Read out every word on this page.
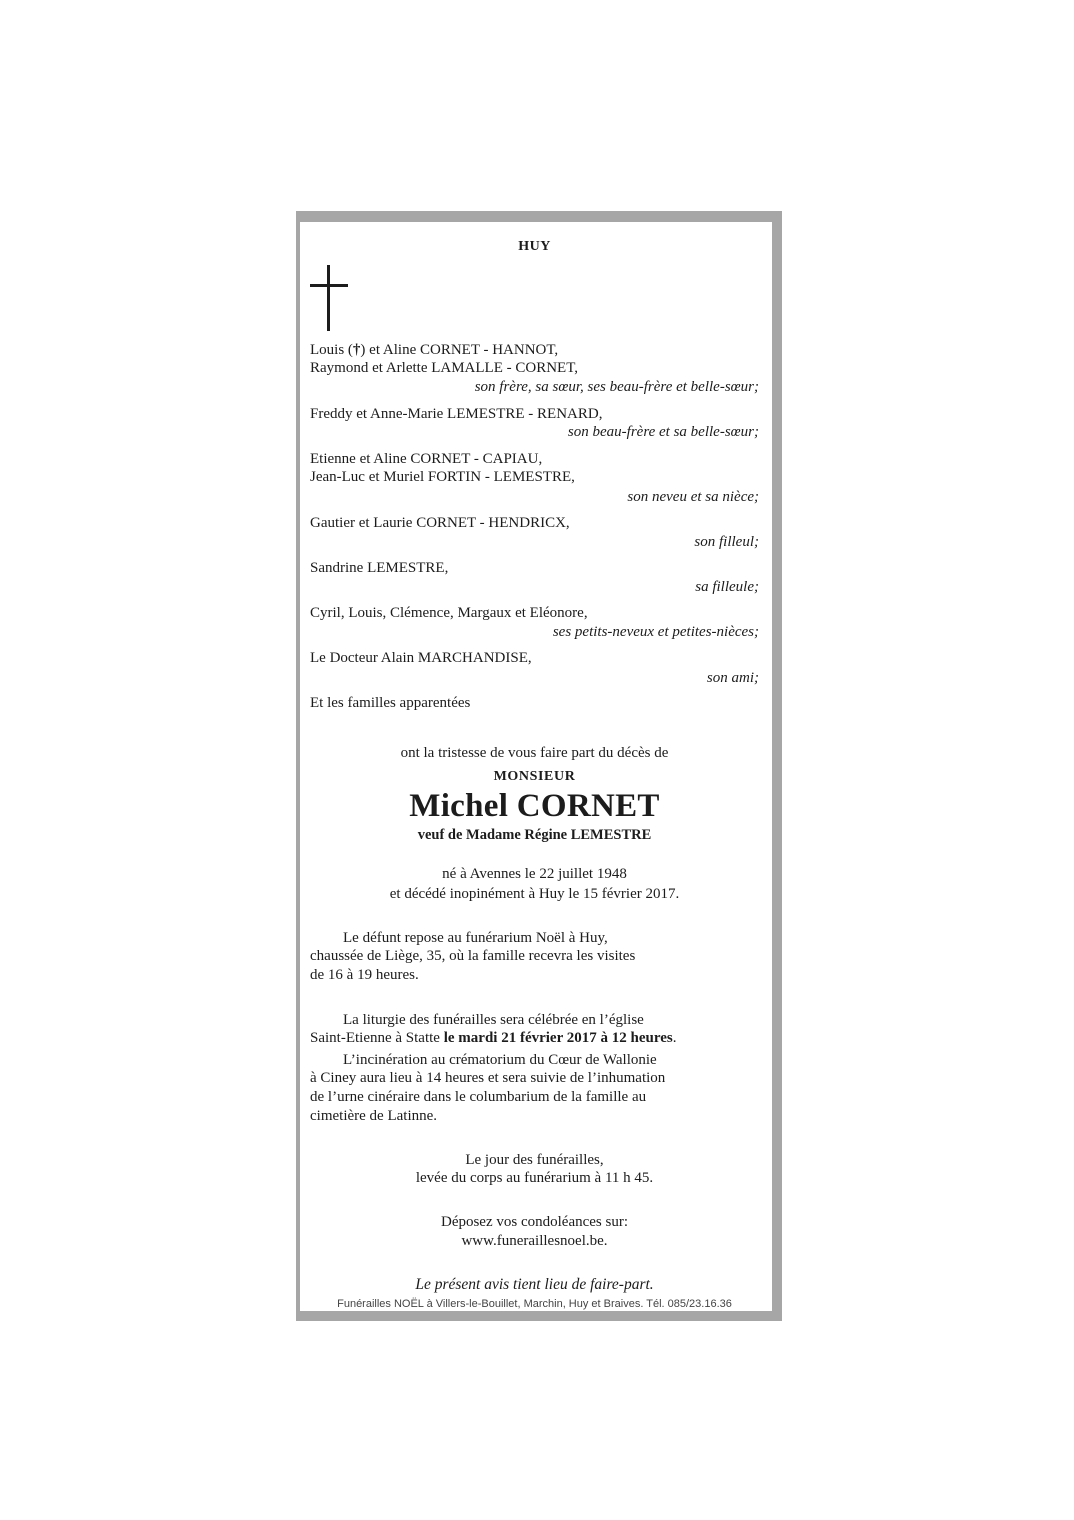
HUY
Louis (†) et Aline CORNET - HANNOT,
Raymond et Arlette LAMALLE - CORNET,
son frère, sa sœur, ses beau-frère et belle-sœur;
Freddy et Anne-Marie LEMESTRE - RENARD,
son beau-frère et sa belle-sœur;
Etienne et Aline CORNET - CAPIAU,
Jean-Luc et Muriel FORTIN - LEMESTRE,
son neveu et sa nièce;
Gautier et Laurie CORNET - HENDRICX,
son filleul;
Sandrine LEMESTRE,
sa filleule;
Cyril, Louis, Clémence, Margaux et Eléonore,
ses petits-neveux et petites-nièces;
Le Docteur Alain MARCHANDISE,
son ami;
Et les familles apparentées
ont la tristesse de vous faire part du décès de
MONSIEUR
Michel CORNET
veuf de Madame Régine LEMESTRE
né à Avennes le 22 juillet 1948
et décédé inopinément à Huy le 15 février 2017.
Le défunt repose au funérarium Noël à Huy,
chaussée de Liège, 35, où la famille recevra les visites
de 16 à 19 heures.
La liturgie des funérailles sera célébrée en l’église
Saint-Etienne à Statte le mardi 21 février 2017 à 12 heures.
L’incinération au crématorium du Cœur de Wallonie
à Ciney aura lieu à 14 heures et sera suivie de l’inhumation
de l’urne cinéraire dans le columbarium de la famille au
cimetière de Latinne.
Le jour des funérailles,
levée du corps au funérarium à 11 h 45.
Déposez vos condoléances sur:
www.funeraillesnoel.be.
Le présent avis tient lieu de faire-part.
Funérailles NOËL à Villers-le-Bouillet, Marchin, Huy et Braives. Tél. 085/23.16.36
